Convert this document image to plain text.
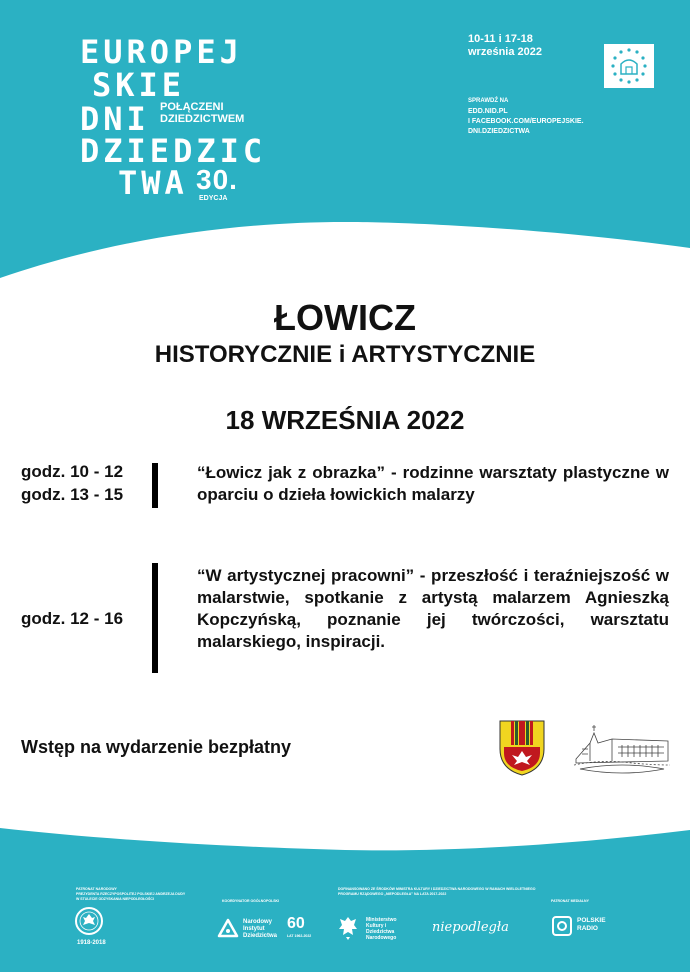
EUROPEJ
SKIE
DNI POŁĄCZENI
DZIEDZICTWEM
DZIEDZIC
TWA 30.
EDYCJA
10-11 i 17-18
września 2022
SPRAWDŹ NA
EDD.NID.PL
I FACEBOOK.COM/EUROPEJSKIE.
DNI.DZIEDZICTWA
ŁOWICZ
HISTORYCZNIE i ARTYSTYCZNIE
18 WRZEŚNIA 2022
godz. 10 - 12
godz. 13 - 15
“Łowicz jak z obrazka” - rodzinne warsztaty plastyczne w oparciu o dzieła łowickich malarzy
godz. 12 - 16
“W artystycznej pracowni” - przeszłość i teraźniejszość w malarstwie, spotkanie z artystą malarzem Agnieszką Kopczyńską, poznanie jej twórczości, warsztatu malarskiego, inspiracji.
Wstęp na wydarzenie bezpłatny
PATRONAT NARODOWY
PREZYDENTA RZECZYPOSPOLITEJ POLSKIEJ ANDRZEJA DUDY
W STULECIE ODZYSKANIA NIEPODLEGŁOŚCI
1918-2018
KOORDYNATOR OGÓLNOPOLSKI
Narodowy Instytut Dziedzictwa
60
LAT 1962-2022
DOFINANSOWANO ZE ŚRODKÓW MINISTRA KULTURY I DZIEDZICTWA NARODOWEGO W RAMACH WIELOLETNIEGO PROGRAMU RZĄDOWEGO „NIEPODLEGŁA” NA LATA 2017-2022
Ministerstwo Kultury i Dziedzictwa Narodowego
niepodległa
PATRONAT MEDIALNY
POLSKIE RADIO
